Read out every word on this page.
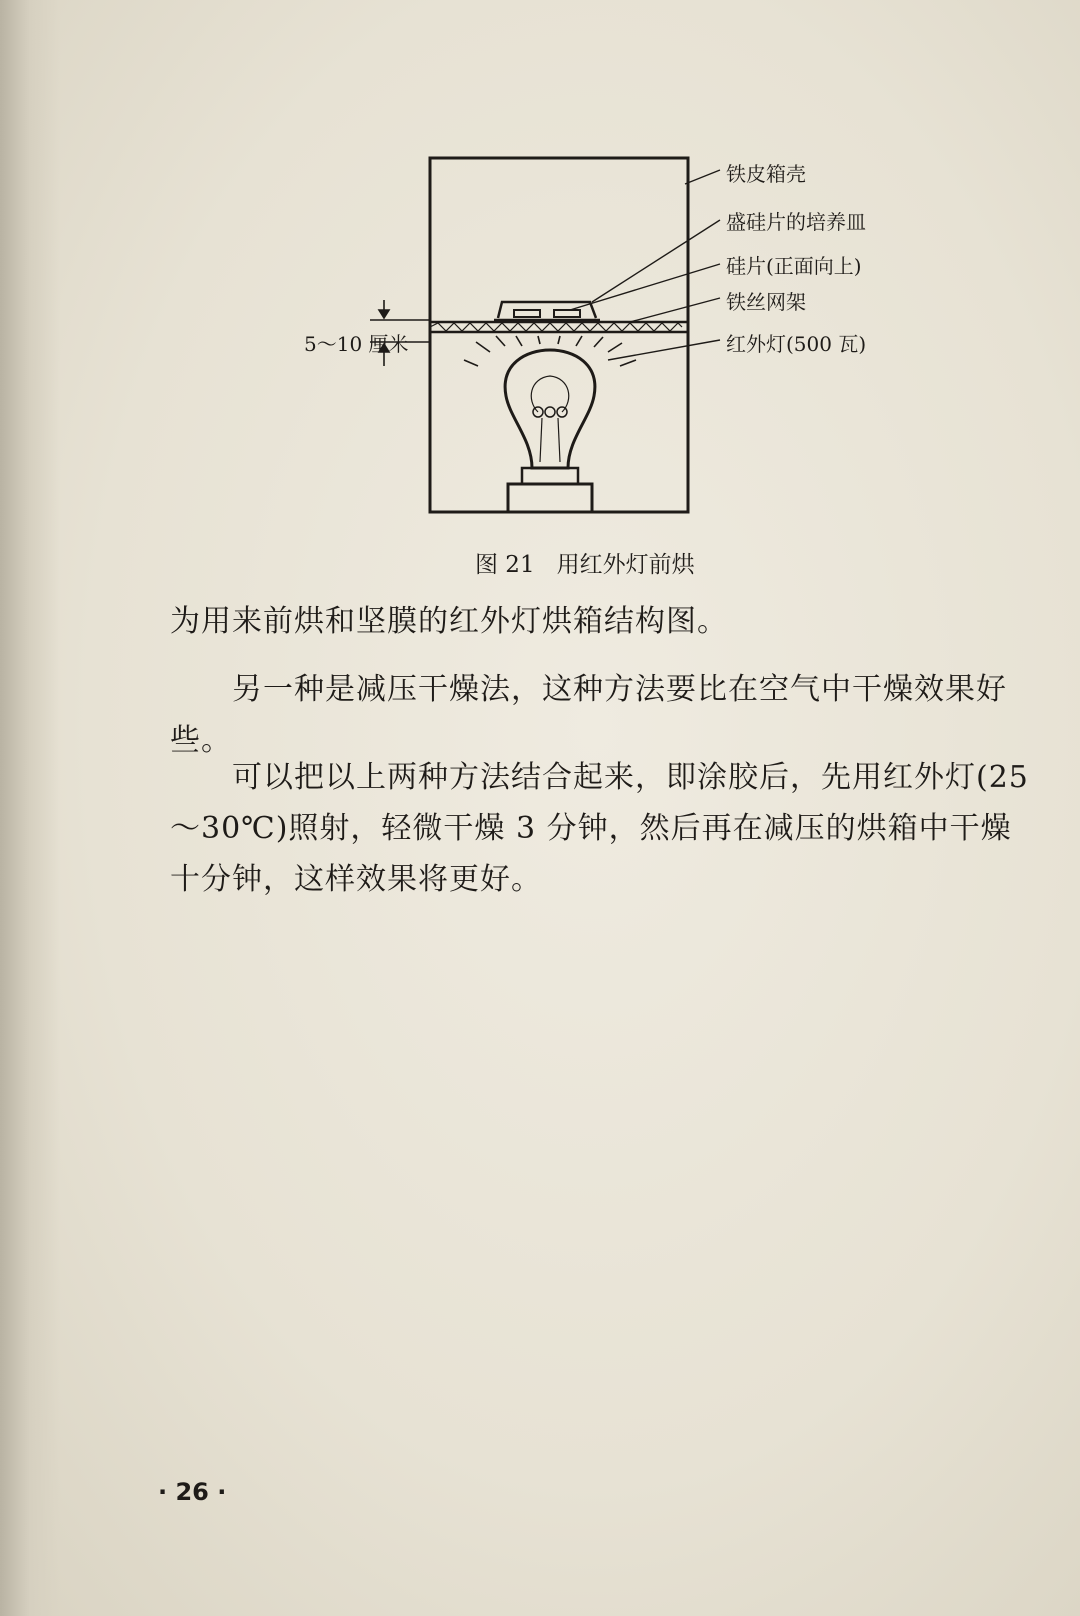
铁皮箱壳
盛硅片的培养皿
硅片(正面向上)
铁丝网架
红外灯(500 瓦)
5～10 厘米
图 21 用红外灯前烘

为用来前烘和坚膜的红外灯烘箱结构图。

另一种是减压干燥法，这种方法要比在空气中干燥效果好些。

可以把以上两种方法结合起来，即涂胶后，先用红外灯(25～30℃)照射，轻微干燥 3 分钟，然后再在减压的烘箱中干燥十分钟，这样效果将更好。

· 26 ·
